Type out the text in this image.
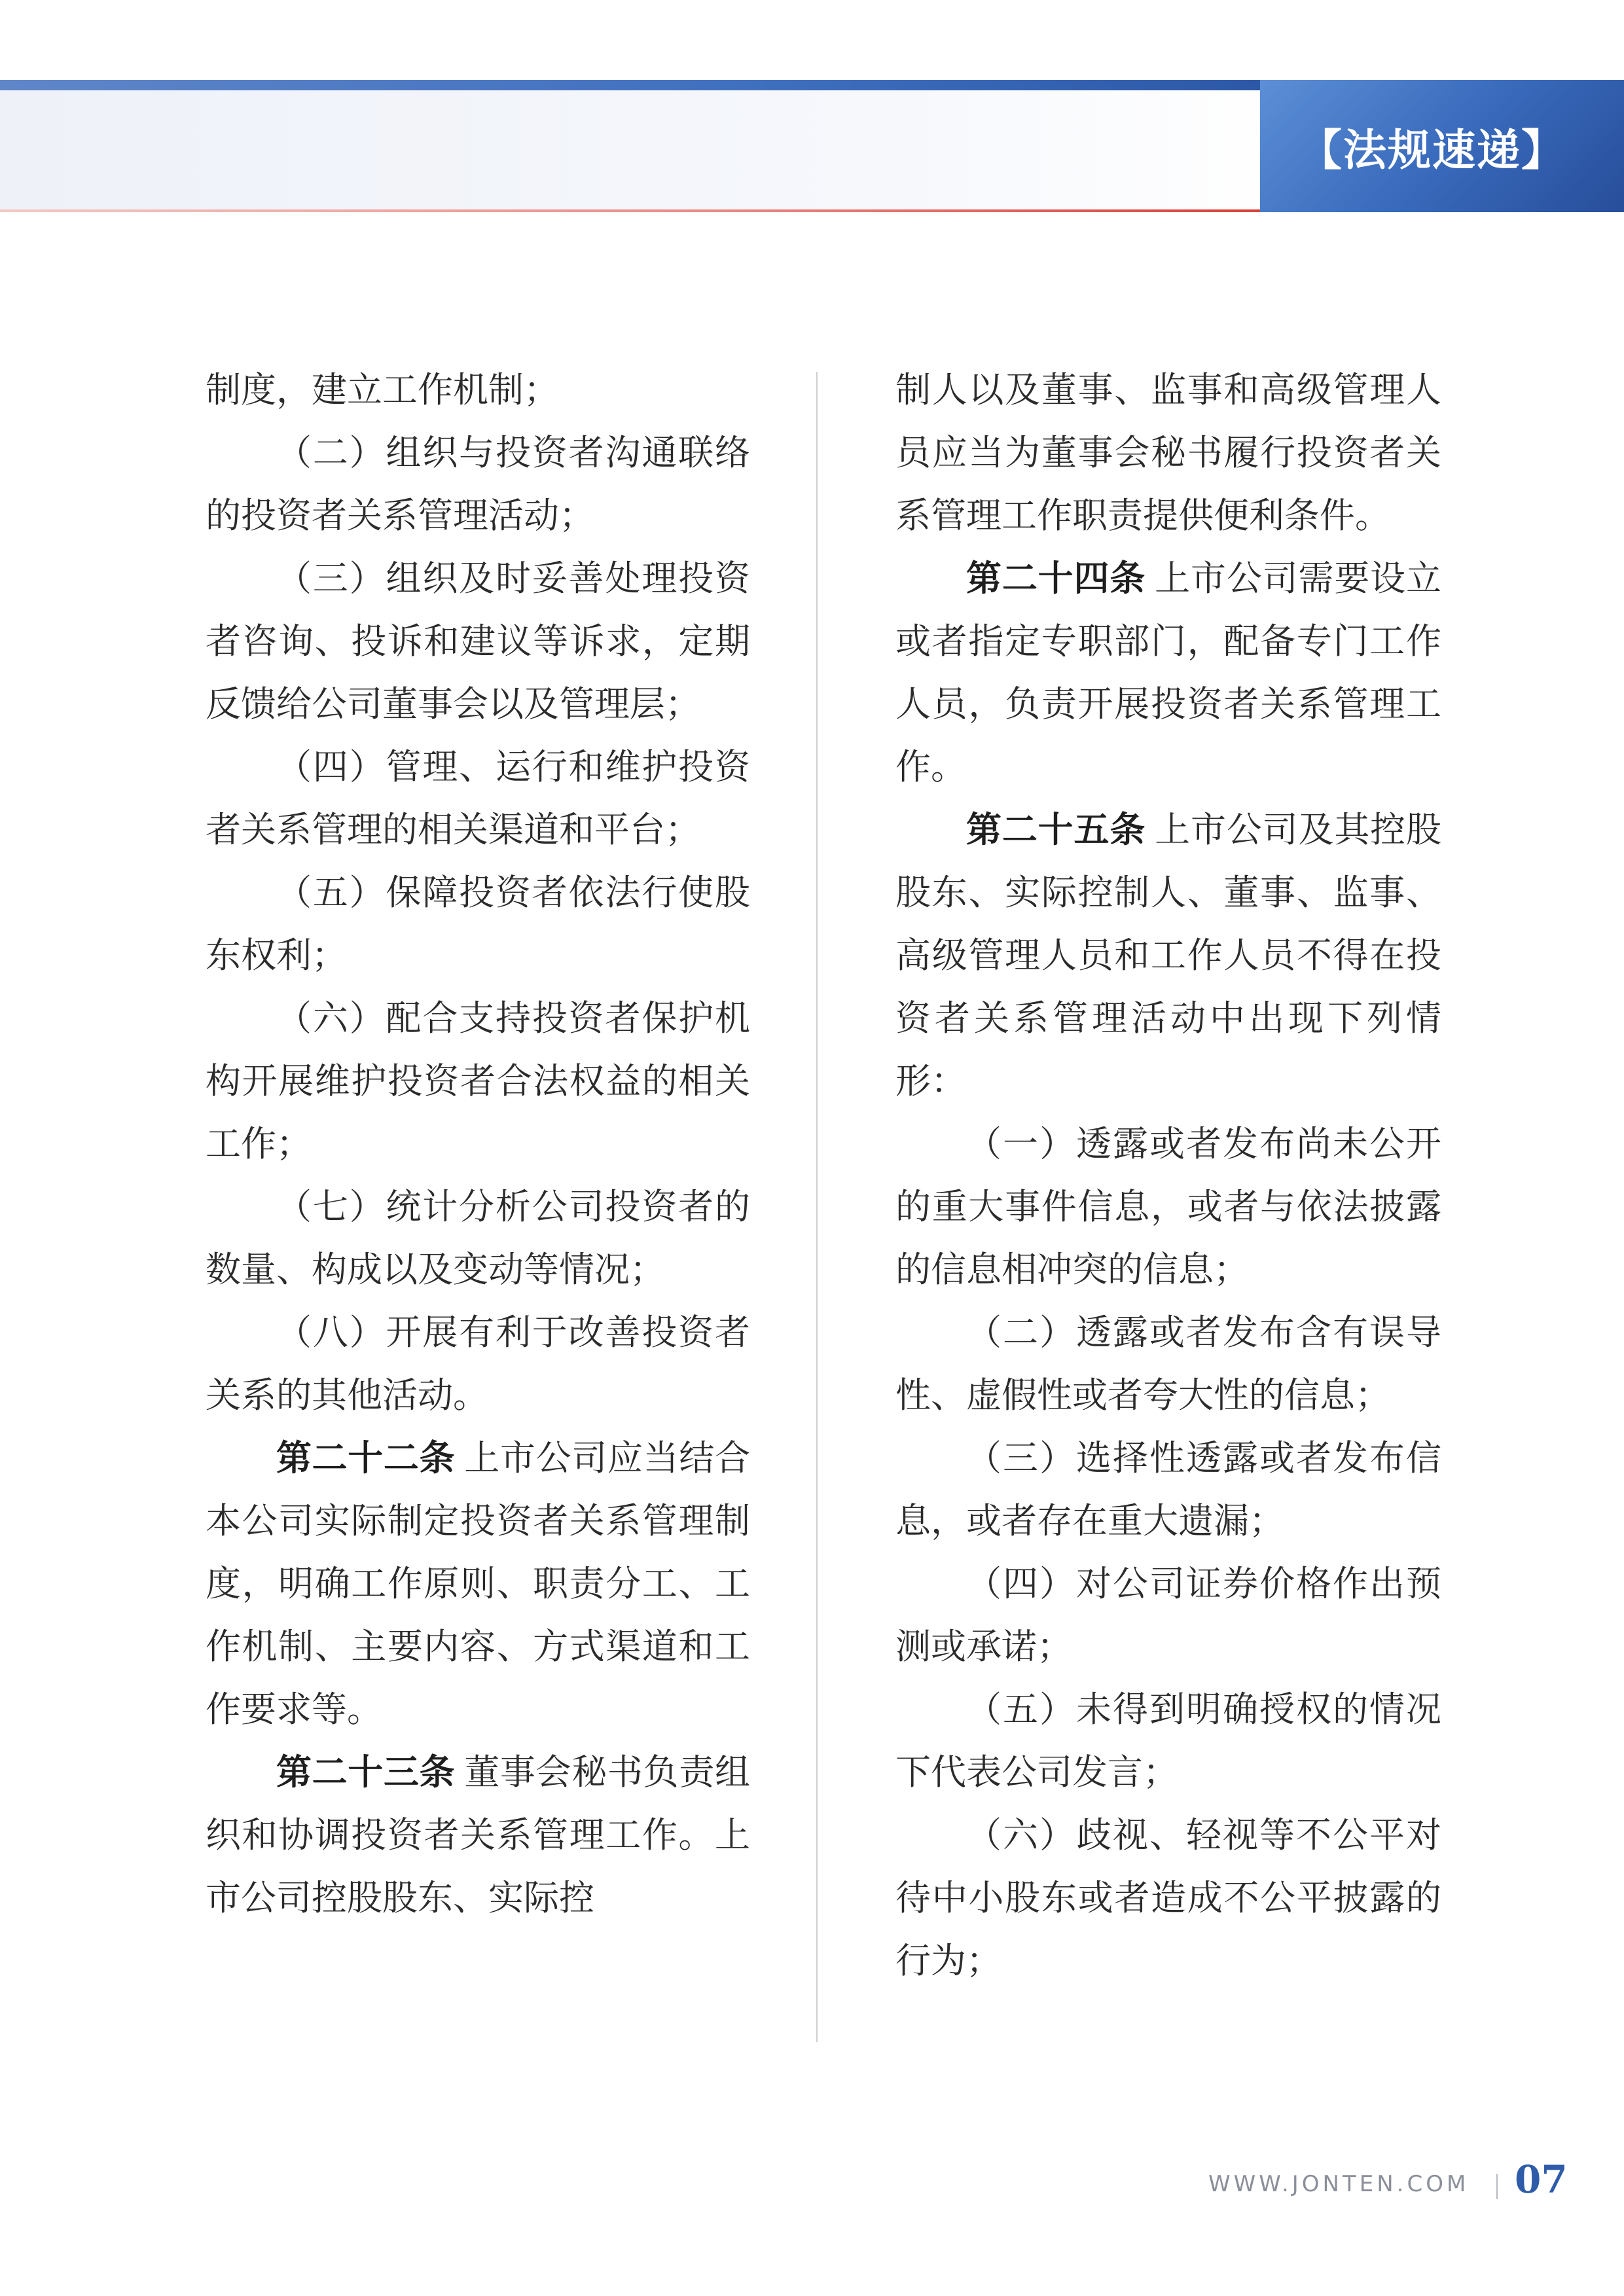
【法规速递】

制度，建立工作机制；

（二）组织与投资者沟通联络的投资者关系管理活动；

（三）组织及时妥善处理投资者咨询、投诉和建议等诉求，定期反馈给公司董事会以及管理层；

（四）管理、运行和维护投资者关系管理的相关渠道和平台；

（五）保障投资者依法行使股东权利；

（六）配合支持投资者保护机构开展维护投资者合法权益的相关工作；

（七）统计分析公司投资者的数量、构成以及变动等情况；

（八）开展有利于改善投资者关系的其他活动。

第二十二条 上市公司应当结合本公司实际制定投资者关系管理制度，明确工作原则、职责分工、工作机制、主要内容、方式渠道和工作要求等。

第二十三条 董事会秘书负责组织和协调投资者关系管理工作。上市公司控股股东、实际控

制人以及董事、监事和高级管理人员应当为董事会秘书履行投资者关系管理工作职责提供便利条件。

第二十四条 上市公司需要设立或者指定专职部门，配备专门工作人员，负责开展投资者关系管理工作。

第二十五条 上市公司及其控股股东、实际控制人、董事、监事、高级管理人员和工作人员不得在投资者关系管理活动中出现下列情形：

（一）透露或者发布尚未公开的重大事件信息，或者与依法披露的信息相冲突的信息；

（二）透露或者发布含有误导性、虚假性或者夸大性的信息；

（三）选择性透露或者发布信息，或者存在重大遗漏；

（四）对公司证券价格作出预测或承诺；

（五）未得到明确授权的情况下代表公司发言；

（六）歧视、轻视等不公平对待中小股东或者造成不公平披露的行为；

WWW.JONTEN.COM 07
